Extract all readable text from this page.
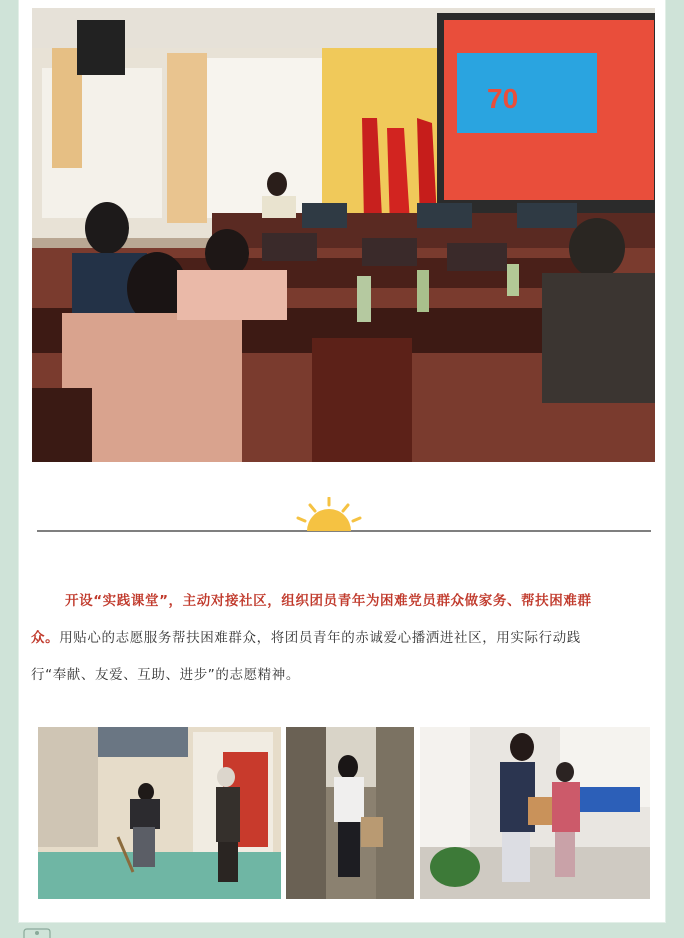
70
开设“实践课堂”，主动对接社区，组织团员青年为困难党员群众做家务、帮扶困难群
众。用贴心的志愿服务帮扶困难群众，将团员青年的赤诚爱心播洒进社区，用实际行动践
行“奉献、友爱、互助、进步”的志愿精神。
